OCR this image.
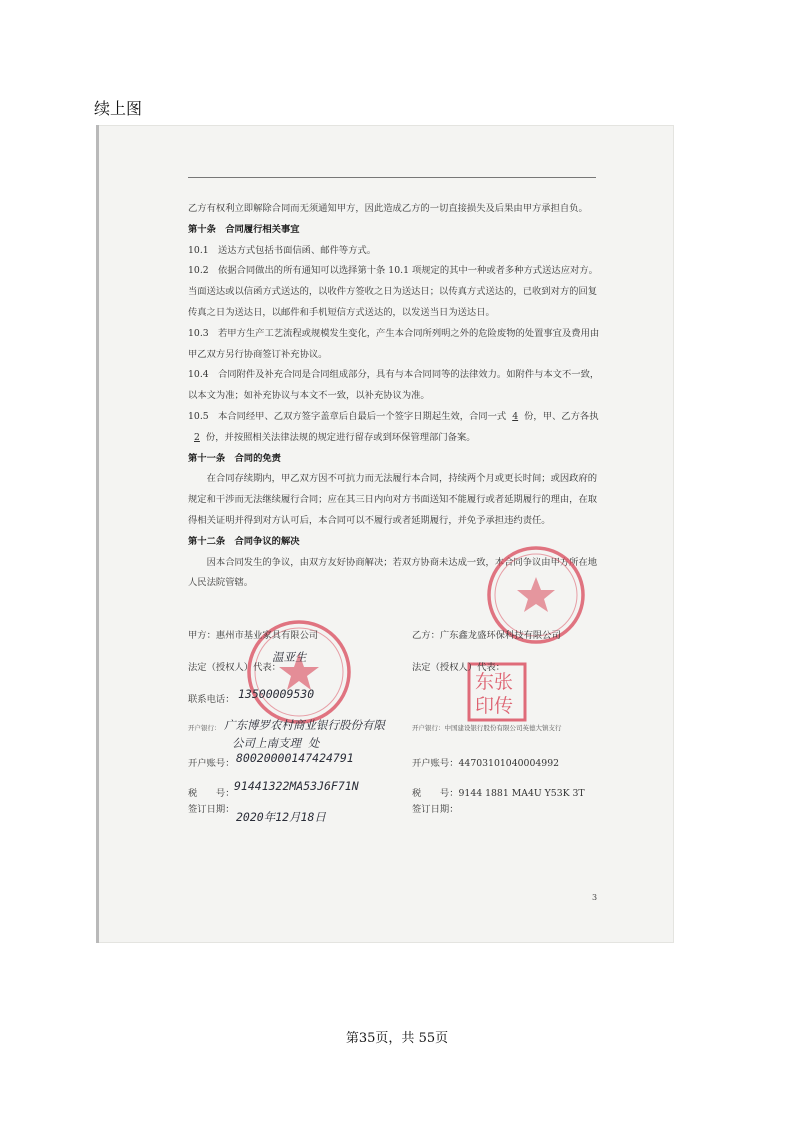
续上图

乙方有权利立即解除合同而无须通知甲方，因此造成乙方的一切直接损失及后果由甲方承担自负。

第十条　合同履行相关事宜

10.1　送达方式包括书面信函、邮件等方式。

10.2　依据合同做出的所有通知可以选择第十条 10.1 项规定的其中一种或者多种方式送达应对方。当面送达或以信函方式送达的，以收件方签收之日为送达日；以传真方式送达的，已收到对方的回复传真之日为送达日，以邮件和手机短信方式送达的，以发送当日为送达日。

10.3　若甲方生产工艺流程或规模发生变化，产生本合同所列明之外的危险废物的处置事宜及费用由甲乙双方另行协商签订补充协议。

10.4　合同附件及补充合同是合同组成部分，具有与本合同同等的法律效力。如附件与本文不一致，以本文为准；如补充协议与本文不一致，以补充协议为准。

10.5　本合同经甲、乙双方签字盖章后自最后一个签字日期起生效，合同一式 4 份，甲、乙方各执2 份，并按照相关法律法规的规定进行留存或到环保管理部门备案。

第十一条　合同的免责

　　在合同存续期内，甲乙双方因不可抗力而无法履行本合同，持续两个月或更长时间；或因政府的规定和干涉而无法继续履行合同；应在其三日内向对方书面送知不能履行或者延期履行的理由，在取得相关证明并得到对方认可后，本合同可以不履行或者延期履行，并免予承担违约责任。

第十二条　合同争议的解决

　　因本合同发生的争议，由双方友好协商解决；若双方协商未达成一致，本合同争议由甲方所在地人民法院管辖。

东张
印传
甲方：惠州市基业家具有限公司
法定（授权人）代表：
温亚生
联系电话： 13500009530
开户银行： 广东博罗农村商业银行股份有限
公司上南支理 处
开户账号： 80020000147424791
税　　号：
91441322MA53J6F71N
签订日期：
2020年12月18日
乙方：广东鑫龙盛环保科技有限公司
法定（授权人）代表：
开户银行：中国建设银行股份有限公司英德大镇支行
开户账号：44703101040004992
税　　号：9144 1881 MA4U Y53K 3T
签订日期：
3
第35页，共 55页
